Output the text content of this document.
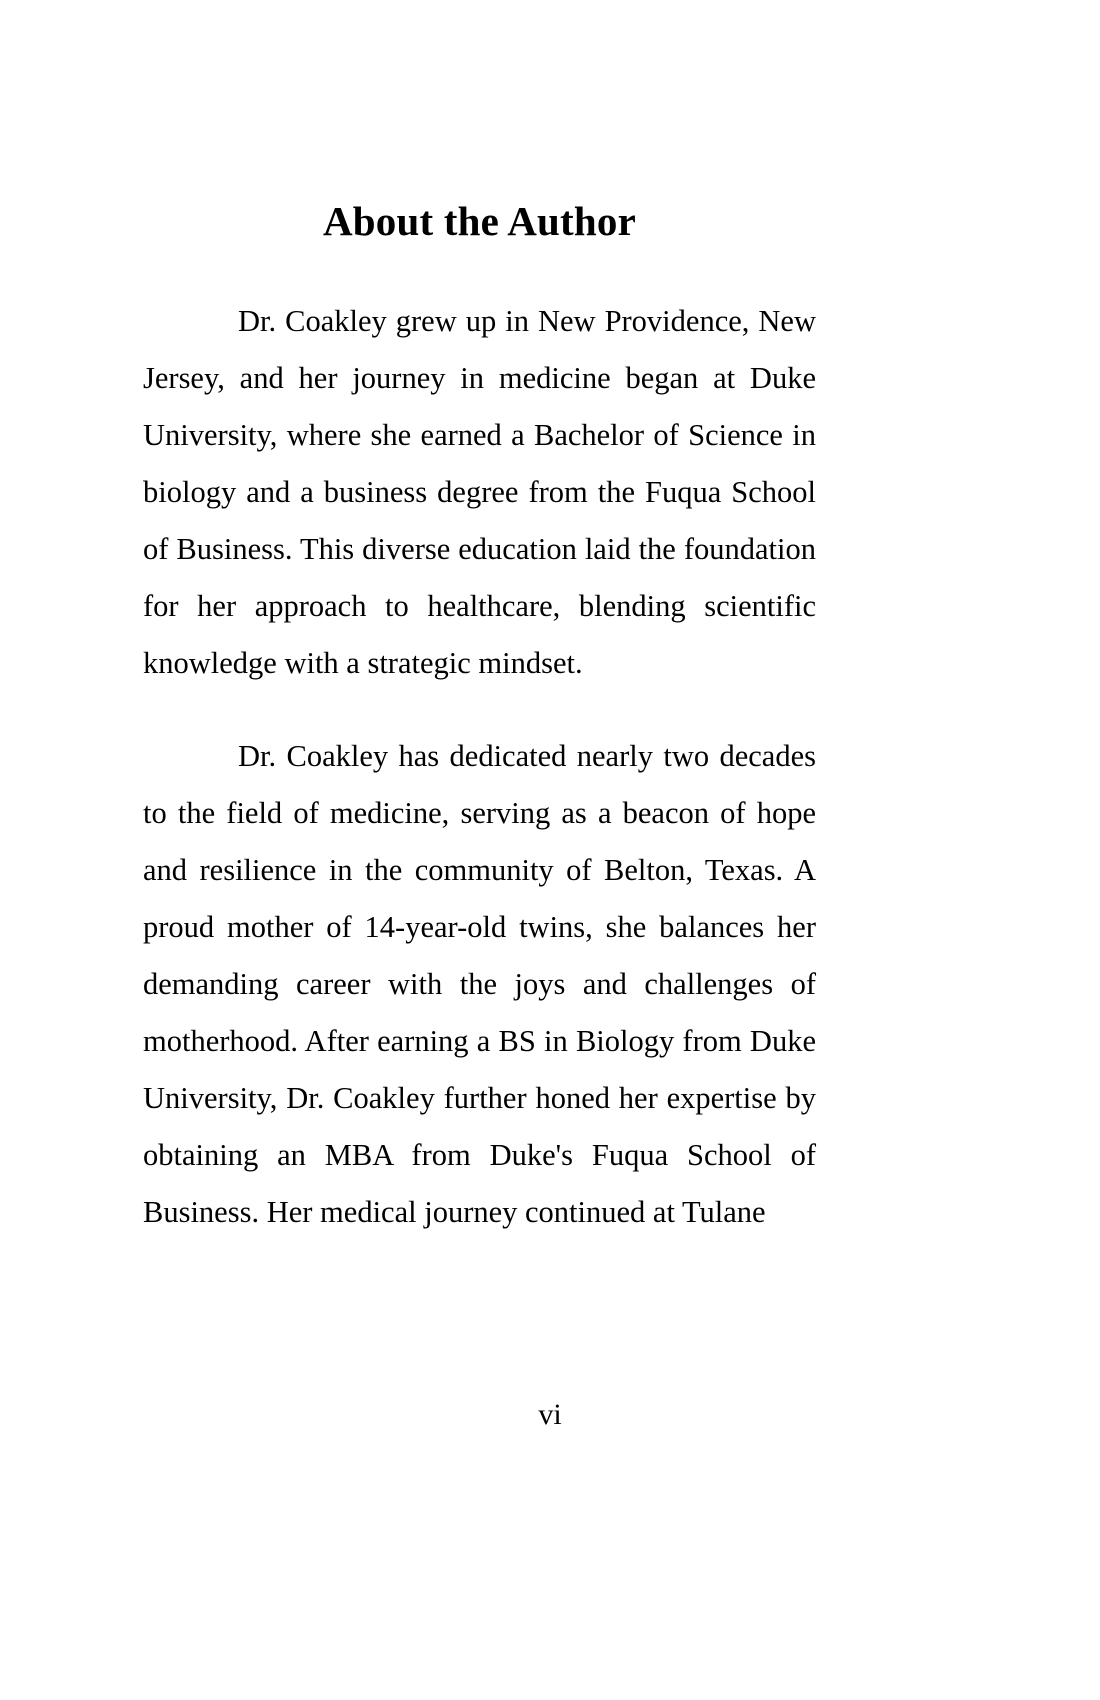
About the Author

Dr. Coakley grew up in New Providence, New Jersey, and her journey in medicine began at Duke University, where she earned a Bachelor of Science in biology and a business degree from the Fuqua School of Business. This diverse education laid the foundation for her approach to healthcare, blending scientific knowledge with a strategic mindset.

Dr. Coakley has dedicated nearly two decades to the field of medicine, serving as a beacon of hope and resilience in the community of Belton, Texas. A proud mother of 14-year-old twins, she balances her demanding career with the joys and challenges of motherhood. After earning a BS in Biology from Duke University, Dr. Coakley further honed her expertise by obtaining an MBA from Duke's Fuqua School of Business. Her medical journey continued at Tulane

vi
